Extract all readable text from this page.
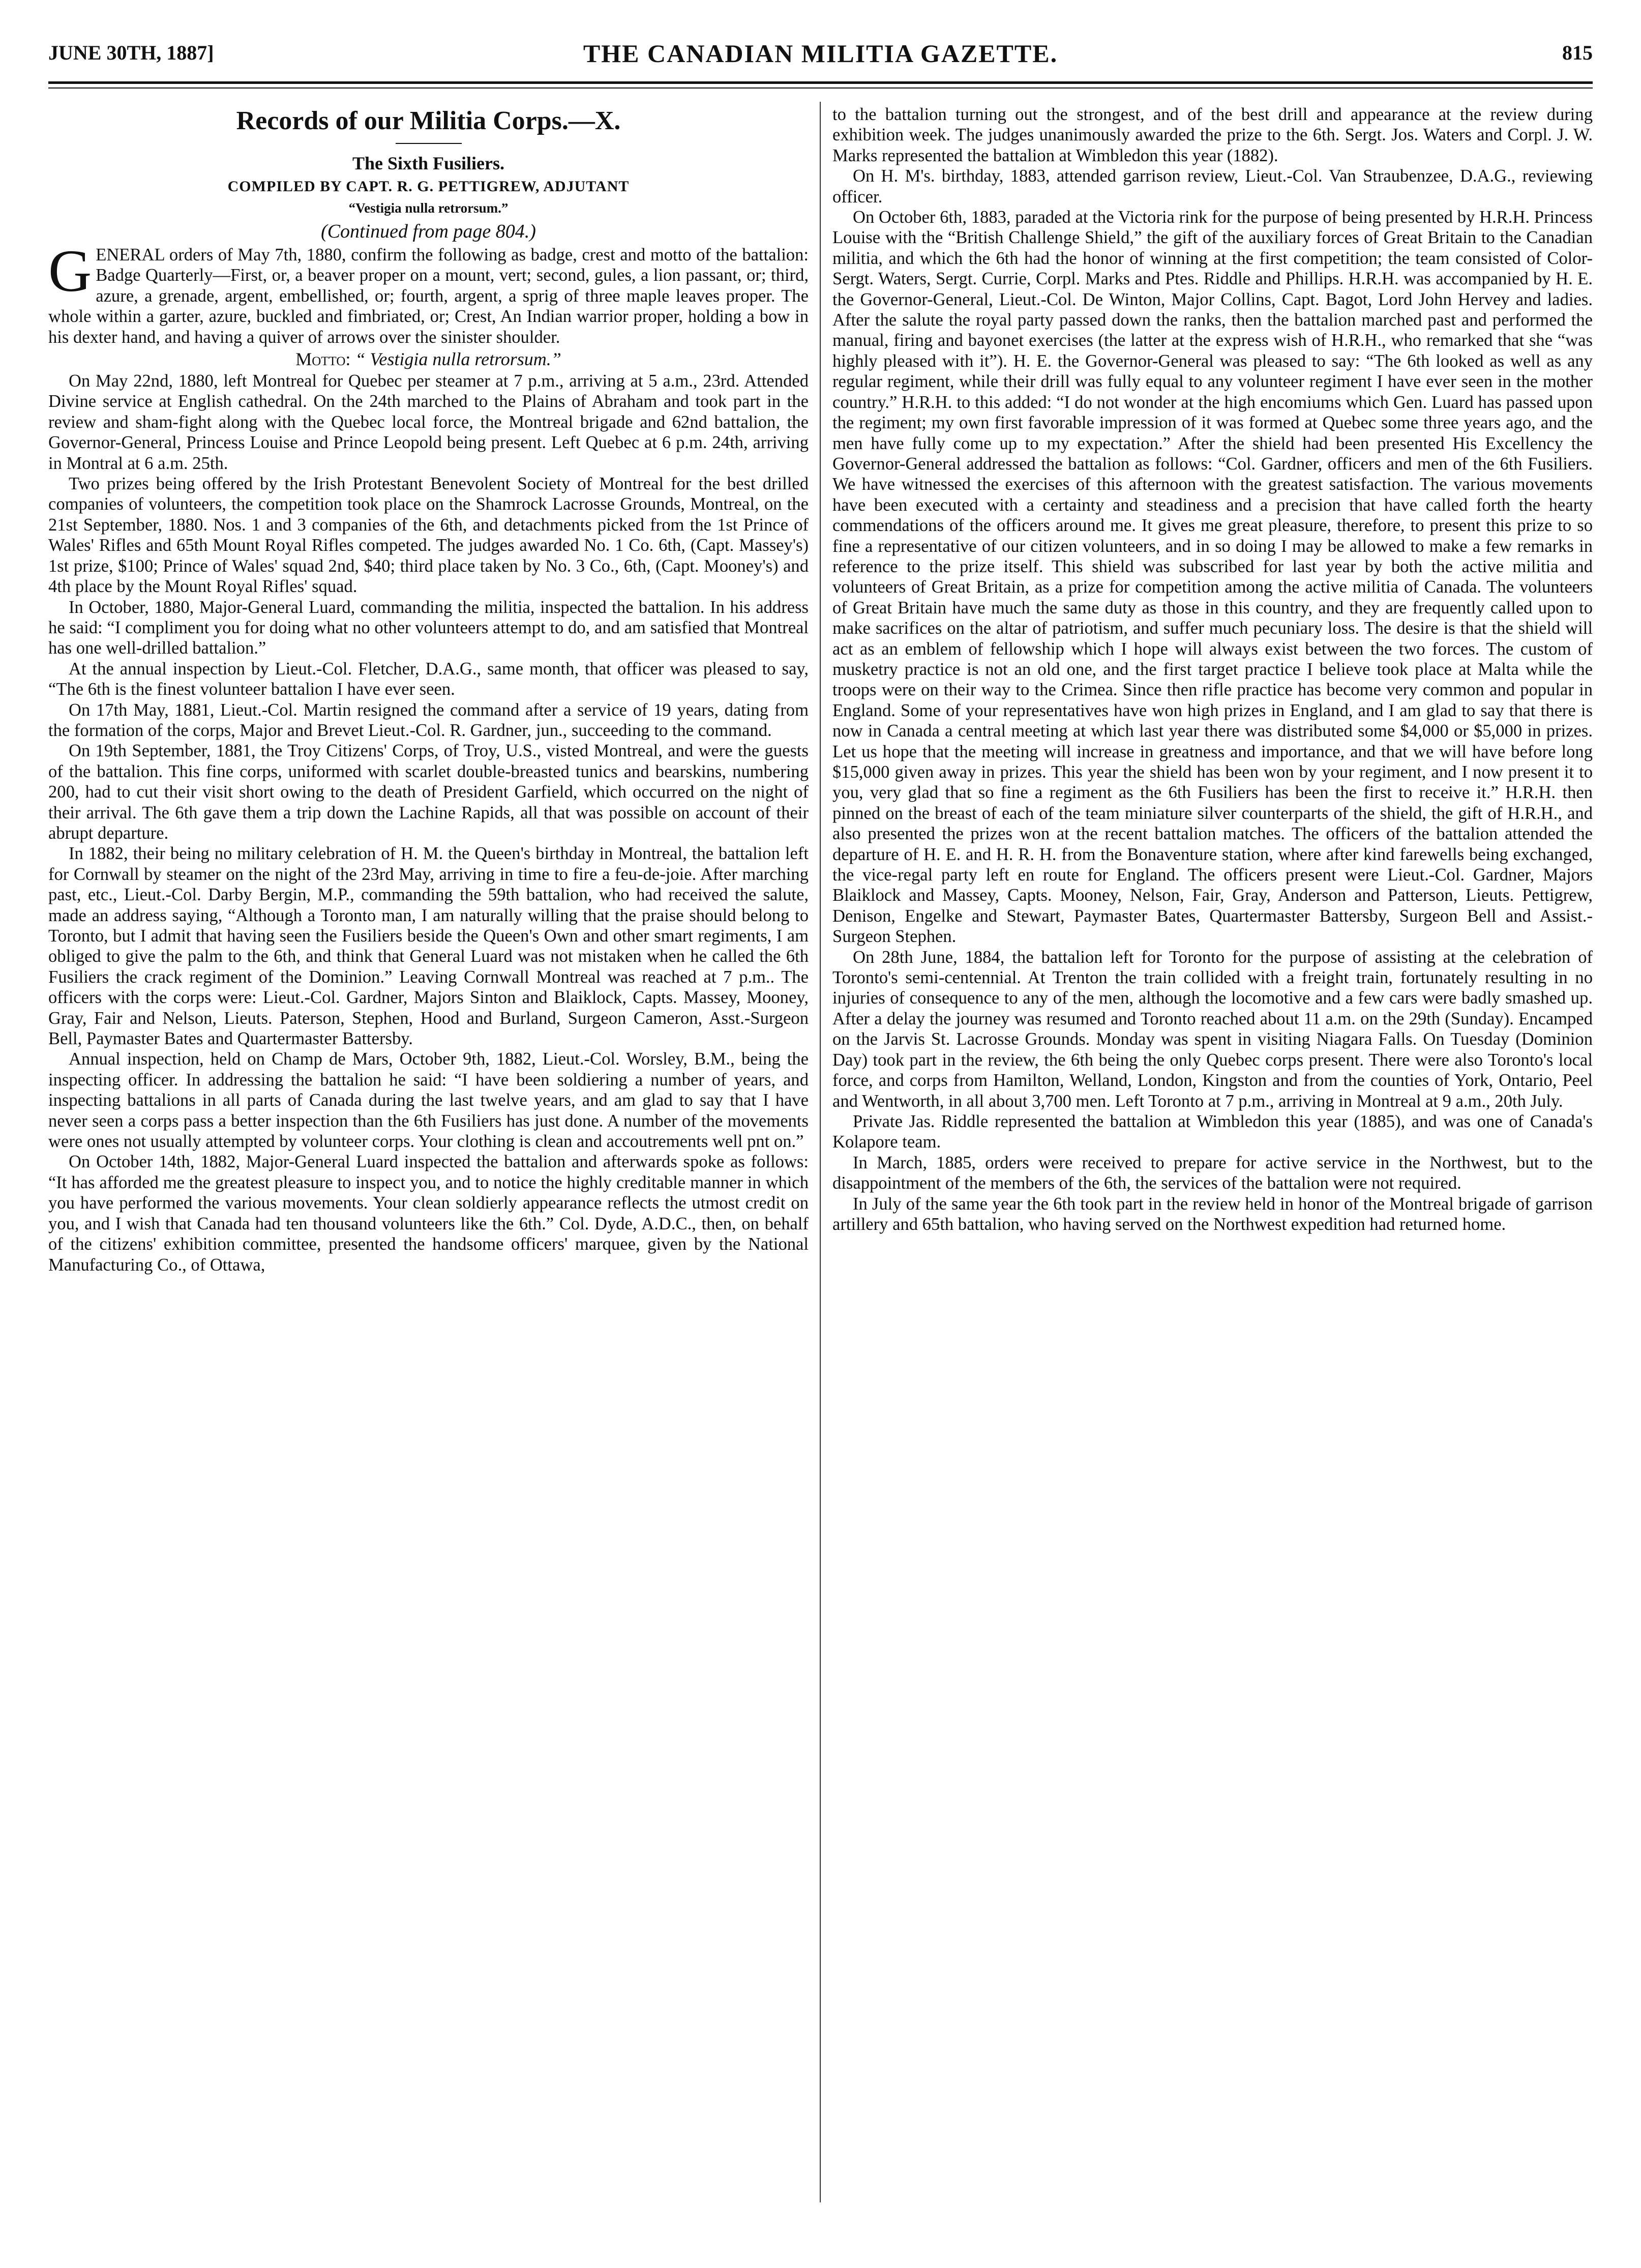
JUNE 30TH, 1887]	THE CANADIAN MILITIA GAZETTE.	815

Records of our Militia Corps.—X.

The Sixth Fusiliers.

COMPILED BY CAPT. R. G. PETTIGREW, ADJUTANT

“Vestigia nulla retrorsum.”

(Continued from page 804.)

GENERAL orders of May 7th, 1880, confirm the following as badge, crest and motto of the battalion: Badge Quarterly—First, or, a beaver proper on a mount, vert; second, gules, a lion passant, or; third, azure, a grenade, argent, embellished, or; fourth, argent, a sprig of three maple leaves proper. The whole within a garter, azure, buckled and fimbriated, or; Crest, An Indian warrior proper, holding a bow in his dexter hand, and having a quiver of arrows over the sinister shoulder.

Motto: “ Vestigia nulla retrorsum.”

On May 22nd, 1880, left Montreal for Quebec per steamer at 7 p.m., arriving at 5 a.m., 23rd. Attended Divine service at English cathedral. On the 24th marched to the Plains of Abraham and took part in the review and sham-fight along with the Quebec local force, the Montreal brigade and 62nd battalion, the Governor-General, Princess Louise and Prince Leopold being present. Left Quebec at 6 p.m. 24th, arriving in Montral at 6 a.m. 25th.

Two prizes being offered by the Irish Protestant Benevolent Society of Montreal for the best drilled companies of volunteers, the competition took place on the Shamrock Lacrosse Grounds, Montreal, on the 21st September, 1880. Nos. 1 and 3 companies of the 6th, and detachments picked from the 1st Prince of Wales' Rifles and 65th Mount Royal Rifles competed. The judges awarded No. 1 Co. 6th, (Capt. Massey's) 1st prize, $100; Prince of Wales' squad 2nd, $40; third place taken by No. 3 Co., 6th, (Capt. Mooney's) and 4th place by the Mount Royal Rifles' squad.

In October, 1880, Major-General Luard, commanding the militia, inspected the battalion. In his address he said: “I compliment you for doing what no other volunteers attempt to do, and am satisfied that Montreal has one well-drilled battalion.”

At the annual inspection by Lieut.-Col. Fletcher, D.A.G., same month, that officer was pleased to say, “The 6th is the finest volunteer battalion I have ever seen.

On 17th May, 1881, Lieut.-Col. Martin resigned the command after a service of 19 years, dating from the formation of the corps, Major and Brevet Lieut.-Col. R. Gardner, jun., succeeding to the command.

On 19th September, 1881, the Troy Citizens' Corps, of Troy, U.S., visted Montreal, and were the guests of the battalion. This fine corps, uniformed with scarlet double-breasted tunics and bearskins, numbering 200, had to cut their visit short owing to the death of President Garfield, which occurred on the night of their arrival. The 6th gave them a trip down the Lachine Rapids, all that was possible on account of their abrupt departure.

In 1882, their being no military celebration of H. M. the Queen's birthday in Montreal, the battalion left for Cornwall by steamer on the night of the 23rd May, arriving in time to fire a feu-de-joie. After marching past, etc., Lieut.-Col. Darby Bergin, M.P., commanding the 59th battalion, who had received the salute, made an address saying, “Although a Toronto man, I am naturally willing that the praise should belong to Toronto, but I admit that having seen the Fusiliers beside the Queen's Own and other smart regiments, I am obliged to give the palm to the 6th, and think that General Luard was not mistaken when he called the 6th Fusiliers the crack regiment of the Dominion.” Leaving Cornwall Montreal was reached at 7 p.m.. The officers with the corps were: Lieut.-Col. Gardner, Majors Sinton and Blaiklock, Capts. Massey, Mooney, Gray, Fair and Nelson, Lieuts. Paterson, Stephen, Hood and Burland, Surgeon Cameron, Asst.-Surgeon Bell, Paymaster Bates and Quartermaster Battersby.

Annual inspection, held on Champ de Mars, October 9th, 1882, Lieut.-Col. Worsley, B.M., being the inspecting officer. In addressing the battalion he said: “I have been soldiering a number of years, and inspecting battalions in all parts of Canada during the last twelve years, and am glad to say that I have never seen a corps pass a better inspection than the 6th Fusiliers has just done. A number of the movements were ones not usually attempted by volunteer corps. Your clothing is clean and accoutrements well pnt on.”

On October 14th, 1882, Major-General Luard inspected the battalion and afterwards spoke as follows: “It has afforded me the greatest pleasure to inspect you, and to notice the highly creditable manner in which you have performed the various movements. Your clean soldierly appearance reflects the utmost credit on you, and I wish that Canada had ten thousand volunteers like the 6th.” Col. Dyde, A.D.C., then, on behalf of the citizens' exhibition committee, presented the handsome officers' marquee, given by the National Manufacturing Co., of Ottawa,

to the battalion turning out the strongest, and of the best drill and appearance at the review during exhibition week. The judges unanimously awarded the prize to the 6th. Sergt. Jos. Waters and Corpl. J. W. Marks represented the battalion at Wimbledon this year (1882).

On H. M's. birthday, 1883, attended garrison review, Lieut.-Col. Van Straubenzee, D.A.G., reviewing officer.

On October 6th, 1883, paraded at the Victoria rink for the purpose of being presented by H.R.H. Princess Louise with the “British Challenge Shield,” the gift of the auxiliary forces of Great Britain to the Canadian militia, and which the 6th had the honor of winning at the first competition; the team consisted of Color-Sergt. Waters, Sergt. Currie, Corpl. Marks and Ptes. Riddle and Phillips. H.R.H. was accompanied by H. E. the Governor-General, Lieut.-Col. De Winton, Major Collins, Capt. Bagot, Lord John Hervey and ladies. After the salute the royal party passed down the ranks, then the battalion marched past and performed the manual, firing and bayonet exercises (the latter at the express wish of H.R.H., who remarked that she “was highly pleased with it”). H. E. the Governor-General was pleased to say: “The 6th looked as well as any regular regiment, while their drill was fully equal to any volunteer regiment I have ever seen in the mother country.” H.R.H. to this added: “I do not wonder at the high encomiums which Gen. Luard has passed upon the regiment; my own first favorable impression of it was formed at Quebec some three years ago, and the men have fully come up to my expectation.” After the shield had been presented His Excellency the Governor-General addressed the battalion as follows: “Col. Gardner, officers and men of the 6th Fusiliers. We have witnessed the exercises of this afternoon with the greatest satisfaction. The various movements have been executed with a certainty and steadiness and a precision that have called forth the hearty commendations of the officers around me. It gives me great pleasure, therefore, to present this prize to so fine a representative of our citizen volunteers, and in so doing I may be allowed to make a few remarks in reference to the prize itself. This shield was subscribed for last year by both the active militia and volunteers of Great Britain, as a prize for competition among the active militia of Canada. The volunteers of Great Britain have much the same duty as those in this country, and they are frequently called upon to make sacrifices on the altar of patriotism, and suffer much pecuniary loss. The desire is that the shield will act as an emblem of fellowship which I hope will always exist between the two forces. The custom of musketry practice is not an old one, and the first target practice I believe took place at Malta while the troops were on their way to the Crimea. Since then rifle practice has become very common and popular in England. Some of your representatives have won high prizes in England, and I am glad to say that there is now in Canada a central meeting at which last year there was distributed some $4,000 or $5,000 in prizes. Let us hope that the meeting will increase in greatness and importance, and that we will have before long $15,000 given away in prizes. This year the shield has been won by your regiment, and I now present it to you, very glad that so fine a regiment as the 6th Fusiliers has been the first to receive it.” H.R.H. then pinned on the breast of each of the team miniature silver counterparts of the shield, the gift of H.R.H., and also presented the prizes won at the recent battalion matches. The officers of the battalion attended the departure of H. E. and H. R. H. from the Bonaventure station, where after kind farewells being exchanged, the vice-regal party left en route for England. The officers present were Lieut.-Col. Gardner, Majors Blaiklock and Massey, Capts. Mooney, Nelson, Fair, Gray, Anderson and Patterson, Lieuts. Pettigrew, Denison, Engelke and Stewart, Paymaster Bates, Quartermaster Battersby, Surgeon Bell and Assist.-Surgeon Stephen.

On 28th June, 1884, the battalion left for Toronto for the purpose of assisting at the celebration of Toronto's semi-centennial. At Trenton the train collided with a freight train, fortunately resulting in no injuries of consequence to any of the men, although the locomotive and a few cars were badly smashed up. After a delay the journey was resumed and Toronto reached about 11 a.m. on the 29th (Sunday). Encamped on the Jarvis St. Lacrosse Grounds. Monday was spent in visiting Niagara Falls. On Tuesday (Dominion Day) took part in the review, the 6th being the only Quebec corps present. There were also Toronto's local force, and corps from Hamilton, Welland, London, Kingston and from the counties of York, Ontario, Peel and Wentworth, in all about 3,700 men. Left Toronto at 7 p.m., arriving in Montreal at 9 a.m., 20th July.

Private Jas. Riddle represented the battalion at Wimbledon this year (1885), and was one of Canada's Kolapore team.

In March, 1885, orders were received to prepare for active service in the Northwest, but to the disappointment of the members of the 6th, the services of the battalion were not required.

In July of the same year the 6th took part in the review held in honor of the Montreal brigade of garrison artillery and 65th battalion, who having served on the Northwest expedition had returned home.
